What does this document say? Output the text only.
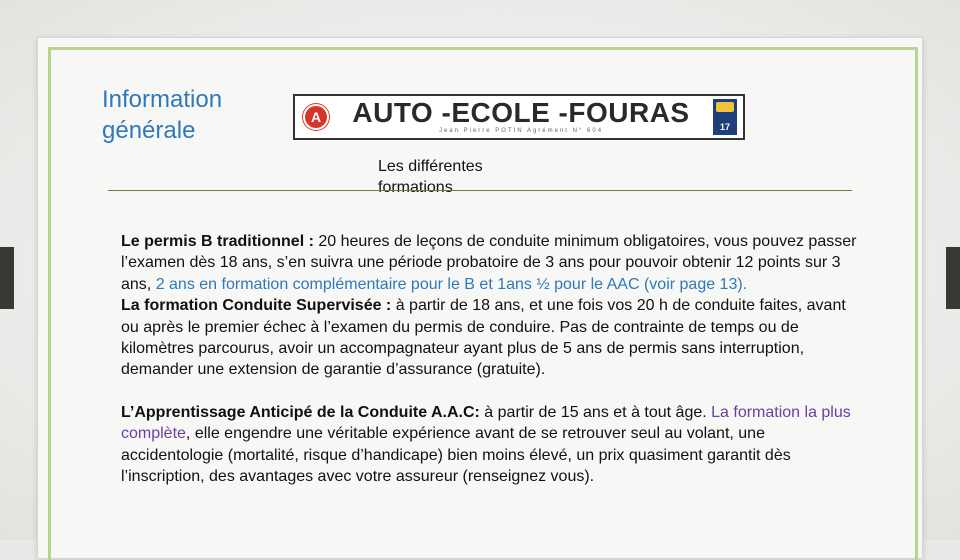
Information générale	A AUTO -ECOLE -FOURAS
Jean Pierre POTIN Agrément N° 604	17
Les différentes formations

Le permis B traditionnel : 20 heures de leçons de conduite minimum obligatoires, vous pouvez passer l’examen dès 18 ans, s’en suivra une période probatoire de 3 ans pour pouvoir obtenir 12 points sur 3 ans, 2 ans en formation complémentaire pour le B et 1ans ½ pour le AAC (voir page 13).

La formation Conduite Supervisée : à partir de 18 ans, et une fois vos 20 h de conduite faites, avant ou après le premier échec à l’examen du permis de conduire. Pas de contrainte de temps ou de kilomètres parcourus, avoir un accompagnateur ayant plus de 5 ans de permis sans interruption, demander une extension de garantie d’assurance (gratuite).

L’Apprentissage Anticipé de la Conduite A.A.C: à partir de 15 ans et à tout âge. La formation la plus complète, elle engendre une véritable expérience avant de se retrouver seul au volant, une accidentologie (mortalité, risque d’handicape) bien moins élevé, un prix quasiment garantit dès l’inscription, des avantages avec votre assureur (renseignez vous).
